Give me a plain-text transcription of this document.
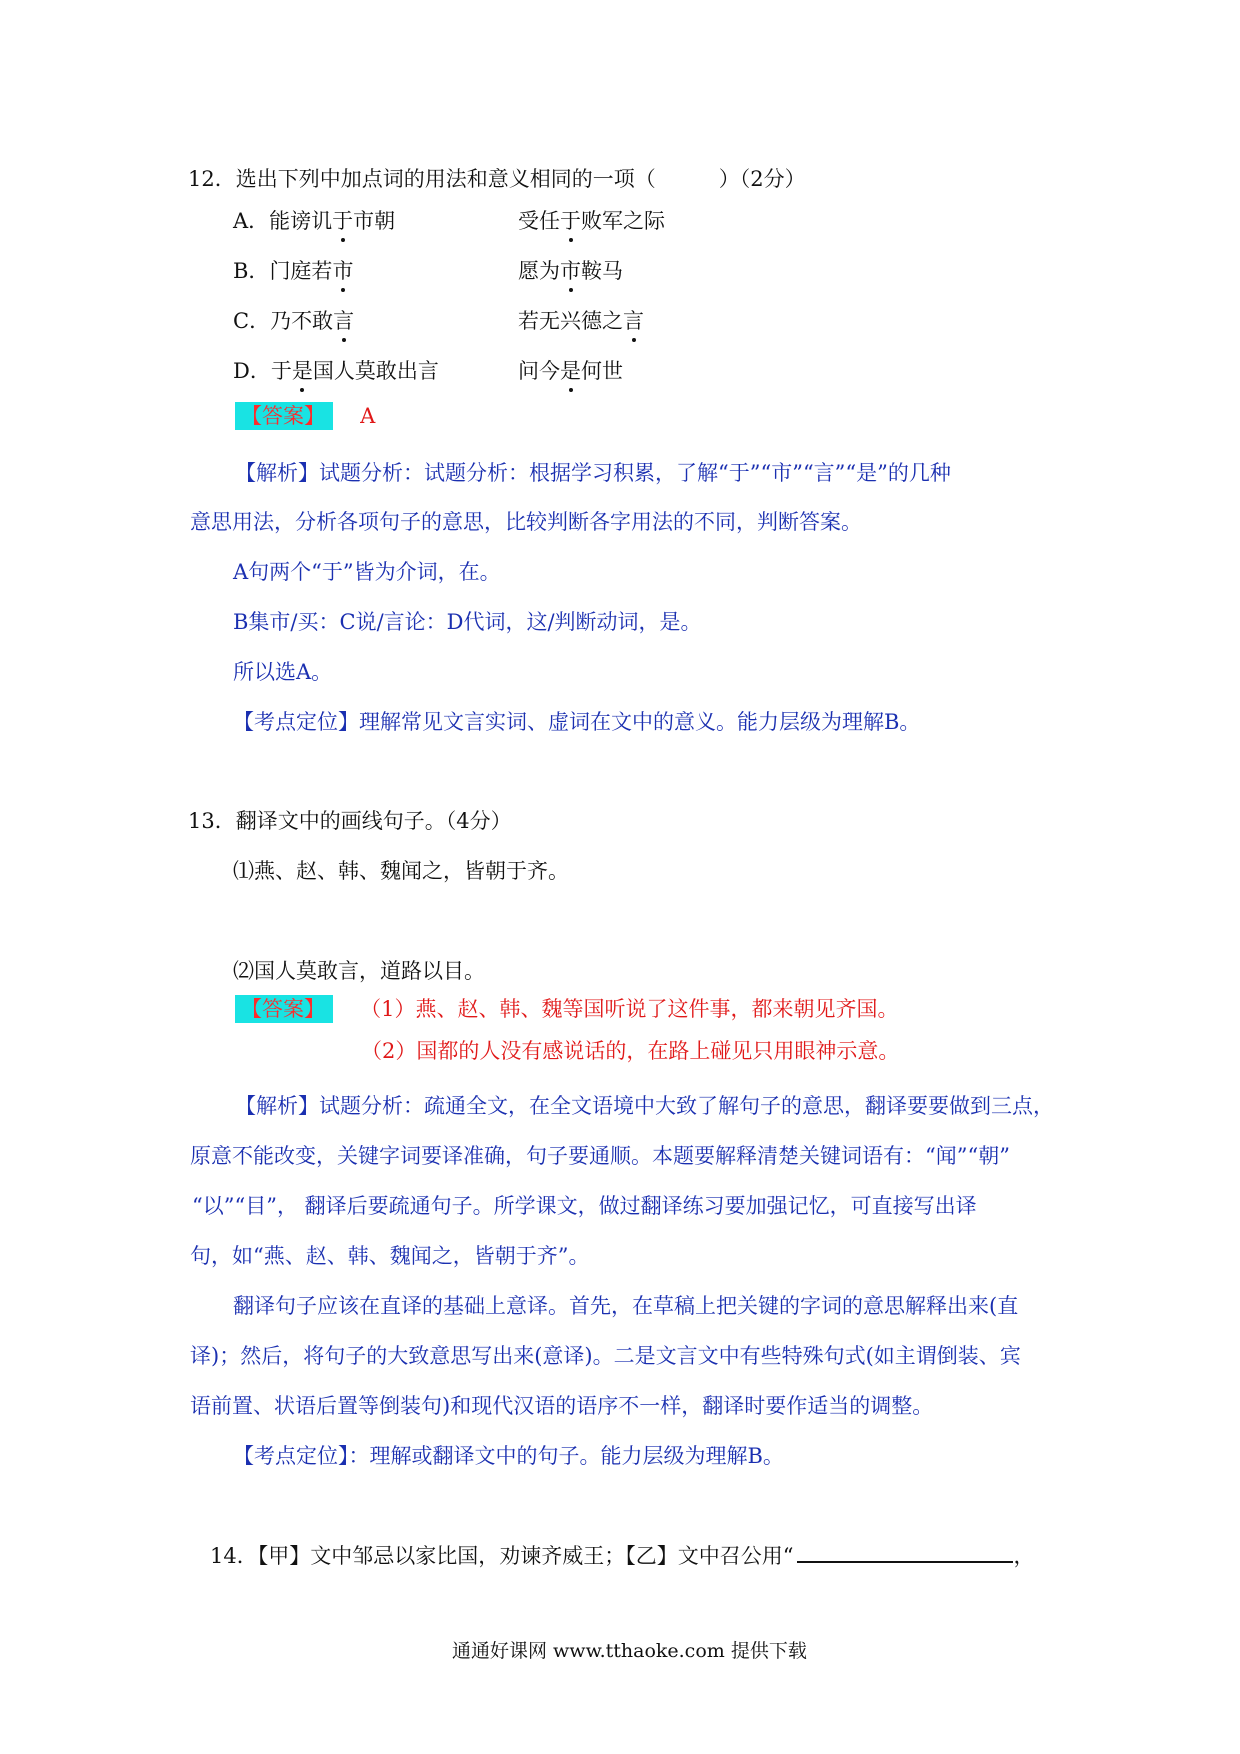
12．选出下列中加点词的用法和意义相同的一项（　　　）（2分）
A．能谤讥于市朝	受任于败军之际
B．门庭若市	愿为市鞍马
C．乃不敢言	若无兴德之言
D．于是国人莫敢出言	问今是何世
【答案】 A
【解析】试题分析：试题分析：根据学习积累，了解“于”“市”“言”“是”的几种
意思用法，分析各项句子的意思，比较判断各字用法的不同，判断答案。
A句两个“于”皆为介词，在。
B集市/买：C说/言论：D代词，这/判断动词，是。
所以选A。
【考点定位】理解常见文言实词、虚词在文中的意义。能力层级为理解B。
13．翻译文中的画线句子。（4分）
⑴燕、赵、韩、魏闻之，皆朝于齐。
⑵国人莫敢言，道路以目。
【答案】 （1）燕、赵、韩、魏等国听说了这件事，都来朝见齐国。
（2）国都的人没有感说话的，在路上碰见只用眼神示意。
【解析】试题分析：疏通全文，在全文语境中大致了解句子的意思，翻译要要做到三点，
原意不能改变，关键字词要译准确，句子要通顺。本题要解释清楚关键词语有：“闻”“朝”
“以”“目”， 翻译后要疏通句子。所学课文，做过翻译练习要加强记忆，可直接写出译
句，如“燕、赵、韩、魏闻之，皆朝于齐”。
翻译句子应该在直译的基础上意译。首先，在草稿上把关键的字词的意思解释出来(直
译)；然后，将句子的大致意思写出来(意译)。二是文言文中有些特殊句式(如主谓倒装、宾
语前置、状语后置等倒装句)和现代汉语的语序不一样，翻译时要作适当的调整。
【考点定位】：理解或翻译文中的句子。能力层级为理解B。
14．【甲】文中邹忌以家比国，劝谏齐威王；【乙】文中召公用“	，
通通好课网 www.tthaoke.com 提供下载
